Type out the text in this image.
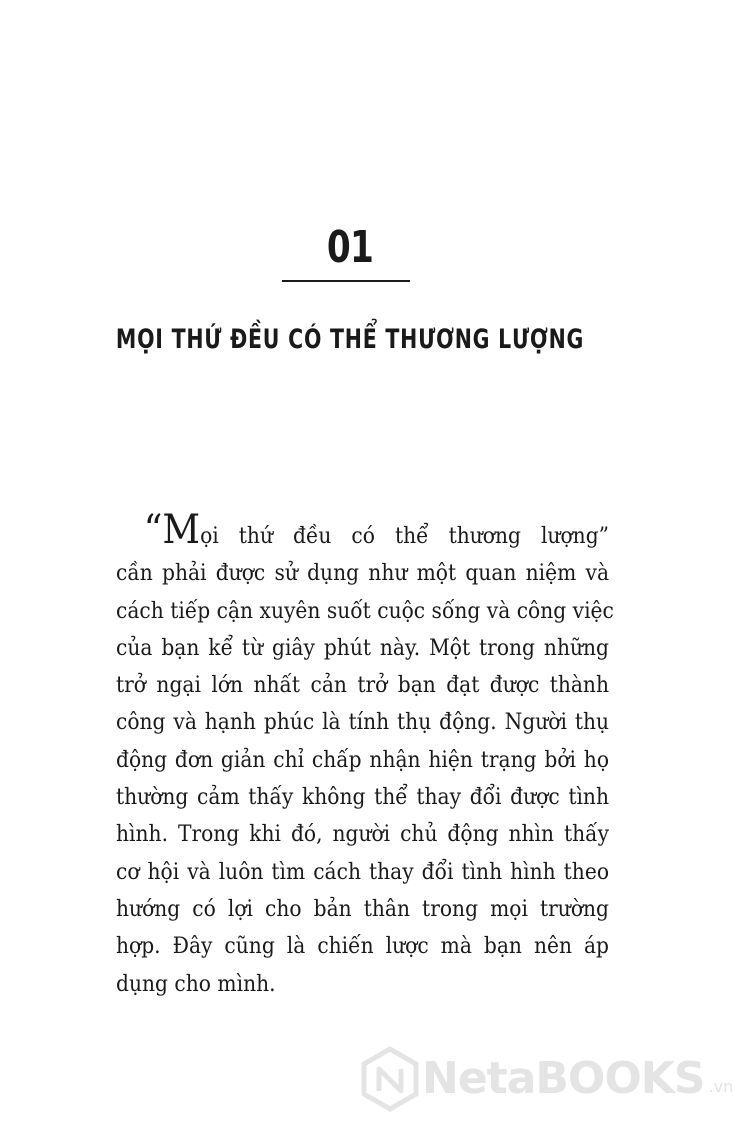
01
MỌI THỨ ĐỀU CÓ THỂ THƯƠNG LƯỢNG
“Mọi thứ đều có thể thương lượng”
cần phải được sử dụng như một quan niệm và
cách tiếp cận xuyên suốt cuộc sống và công việc
của bạn kể từ giây phút này. Một trong những
trở ngại lớn nhất cản trở bạn đạt được thành
công và hạnh phúc là tính thụ động. Người thụ
động đơn giản chỉ chấp nhận hiện trạng bởi họ
thường cảm thấy không thể thay đổi được tình
hình. Trong khi đó, người chủ động nhìn thấy
cơ hội và luôn tìm cách thay đổi tình hình theo
hướng có lợi cho bản thân trong mọi trường
hợp. Đây cũng là chiến lược mà bạn nên áp
dụng cho mình.
NetaBOOKS .vn
